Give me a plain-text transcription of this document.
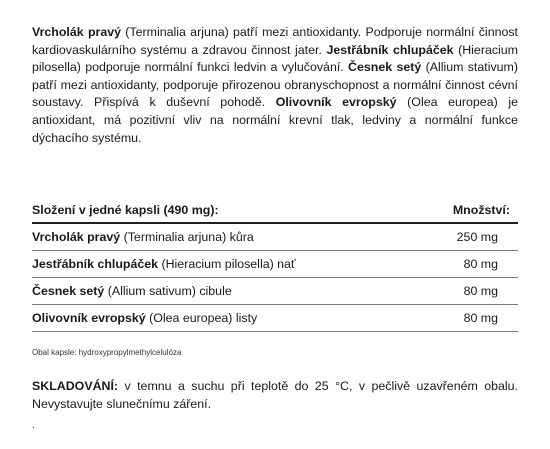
Vrcholák pravý (Terminalia arjuna) patří mezi antioxidanty. Podporuje normální činnost kardiovaskulárního systému a zdravou činnost jater. Jestřábník chlupáček (Hieracium pilosella) podporuje normální funkci ledvin a vylučování. Česnek setý (Allium stativum) patří mezi antioxidanty, podporuje přirozenou obranyschopnost a normální činnost cévní soustavy. Přispívá k duševní pohodě. Olivovník evropský (Olea europea) je antioxidant, má pozitivní vliv na normální krevní tlak, ledviny a normální funkce dýchacího systému.
Složení v jedné kapsli (490 mg):	Množství:
Vrcholák pravý (Terminalia arjuna) kůra	250 mg
Jestřábník chlupáček (Hieracium pilosella) nať	80 mg
Česnek setý (Allium sativum) cibule	80 mg
Olivovník evropský (Olea europea) listy	80 mg
Obal kapsle: hydroxypropylmethylcelulóza
SKLADOVÁNÍ: v temnu a suchu při teplotě do 25 °C, v pečlivě uzavřeném obalu. Nevystavujte slunečnímu záření.
.
